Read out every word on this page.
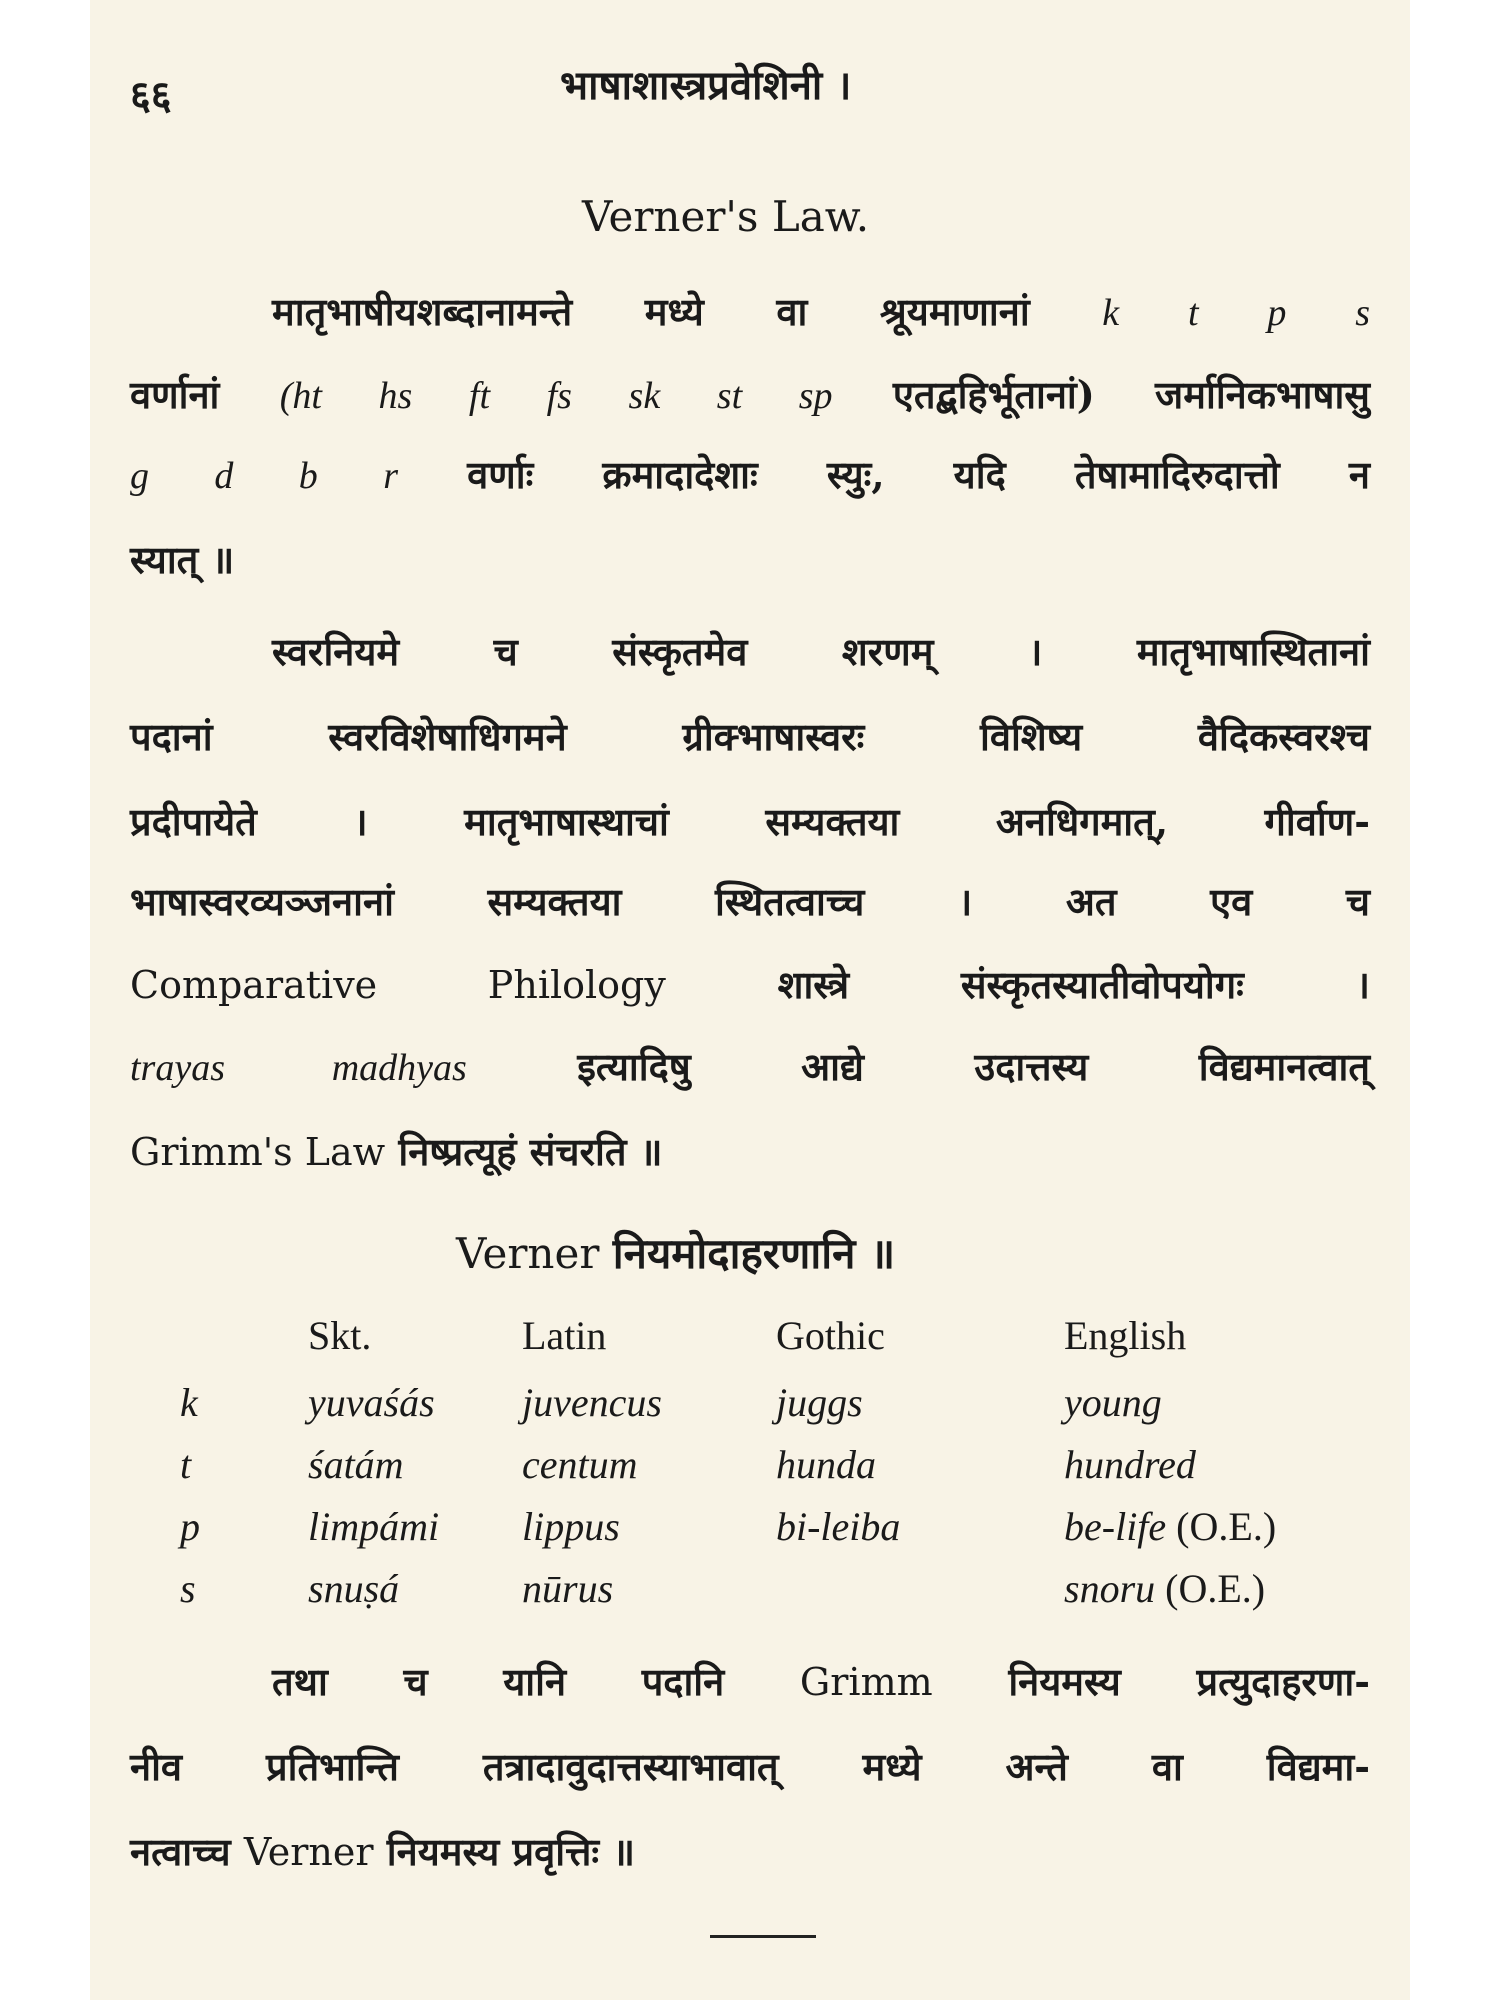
६६	भाषाशास्त्रप्रवेशिनी ।
Verner's Law.
मातृभाषीयशब्दानामन्ते मध्ये वा श्रूयमाणानां k t p s
वर्णानां (ht hs ft fs sk st sp एतद्बहिर्भूतानां) जर्मानिकभाषासु
g d b r वर्णाः क्रमादादेशाः स्युः, यदि तेषामादिरुदात्तो न
स्यात् ॥
स्वरनियमे च संस्कृतमेव शरणम् । मातृभाषास्थितानां
पदानां स्वरविशेषाधिगमने ग्रीक्भाषास्वरः विशिष्य वैदिकस्वरश्च
प्रदीपायेते । मातृभाषास्थाचां सम्यक्तया अनधिगमात्, गीर्वाण-
भाषास्वरव्यञ्जनानां सम्यक्तया स्थितत्वाच्च । अत एव च
Comparative Philology	शास्त्रे संस्कृतस्यातीवोपयोगः ।
trayas madhyas	इत्यादिषु आद्ये उदात्तस्य विद्यमानत्वात्
Grimm's Law निष्प्रत्यूहं संचरति ॥
Verner नियमोदाहरणानि ॥
	Skt.	Latin	Gothic	English
k	yuvaśás	juvencus	juggs	young
t	śatám	centum	hunda	hundred
p	limpámi	lippus	bi-leiba	be-life (O.E.)
s	snuṣá	nūrus		snoru (O.E.)
तथा च यानि पदानि Grimm नियमस्य प्रत्युदाहरणा-
नीव प्रतिभान्ति तत्रादावुदात्तस्याभावात् मध्ये अन्ते वा विद्यमा-
नत्वाच्च Verner नियमस्य प्रवृत्तिः ॥
